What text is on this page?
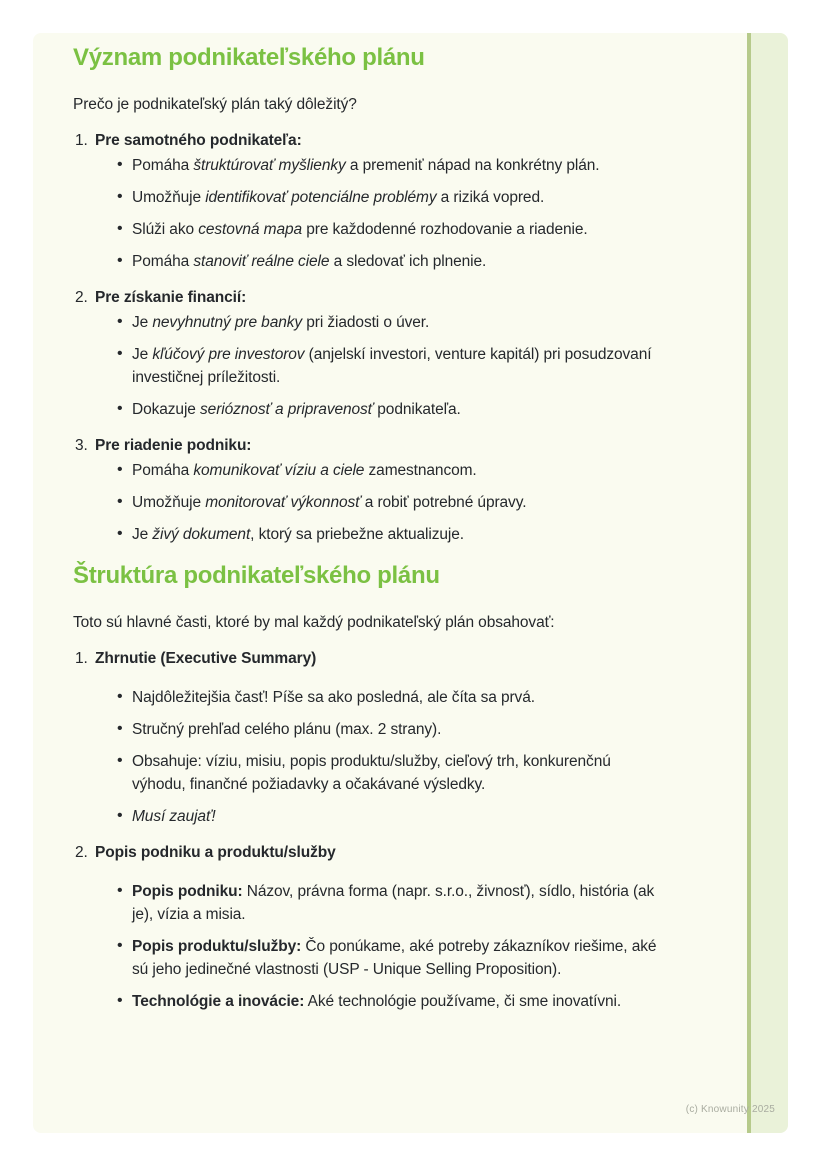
Význam podnikateľského plánu

Prečo je podnikateľský plán taký dôležitý?

1. Pre samotného podnikateľa:
• Pomáha štruktúrovať myšlienky a premeniť nápad na konkrétny plán.
• Umožňuje identifikovať potenciálne problémy a riziká vopred.
• Slúži ako cestovná mapa pre každodenné rozhodovanie a riadenie.
• Pomáha stanoviť reálne ciele a sledovať ich plnenie.
2. Pre získanie financií:
• Je nevyhnutný pre banky pri žiadosti o úver.
• Je kľúčový pre investorov (anjelskí investori, venture kapitál) pri posudzovaní investičnej príležitosti.
• Dokazuje serióznosť a pripravenosť podnikateľa.
3. Pre riadenie podniku:
• Pomáha komunikovať víziu a ciele zamestnancom.
• Umožňuje monitorovať výkonnosť a robiť potrebné úpravy.
• Je živý dokument, ktorý sa priebežne aktualizuje.
Štruktúra podnikateľského plánu

Toto sú hlavné časti, ktoré by mal každý podnikateľský plán obsahovať:

1. Zhrnutie (Executive Summary)
• Najdôležitejšia časť! Píše sa ako posledná, ale číta sa prvá.
• Stručný prehľad celého plánu (max. 2 strany).
• Obsahuje: víziu, misiu, popis produktu/služby, cieľový trh, konkurenčnú výhodu, finančné požiadavky a očakávané výsledky.
• Musí zaujať!
2. Popis podniku a produktu/služby
• Popis podniku: Názov, právna forma (napr. s.r.o., živnosť), sídlo, história (ak je), vízia a misia.
• Popis produktu/služby: Čo ponúkame, aké potreby zákazníkov riešime, aké sú jeho jedinečné vlastnosti (USP - Unique Selling Proposition).
• Technológie a inovácie: Aké technológie používame, či sme inovatívni.
(c) Knowunity 2025
